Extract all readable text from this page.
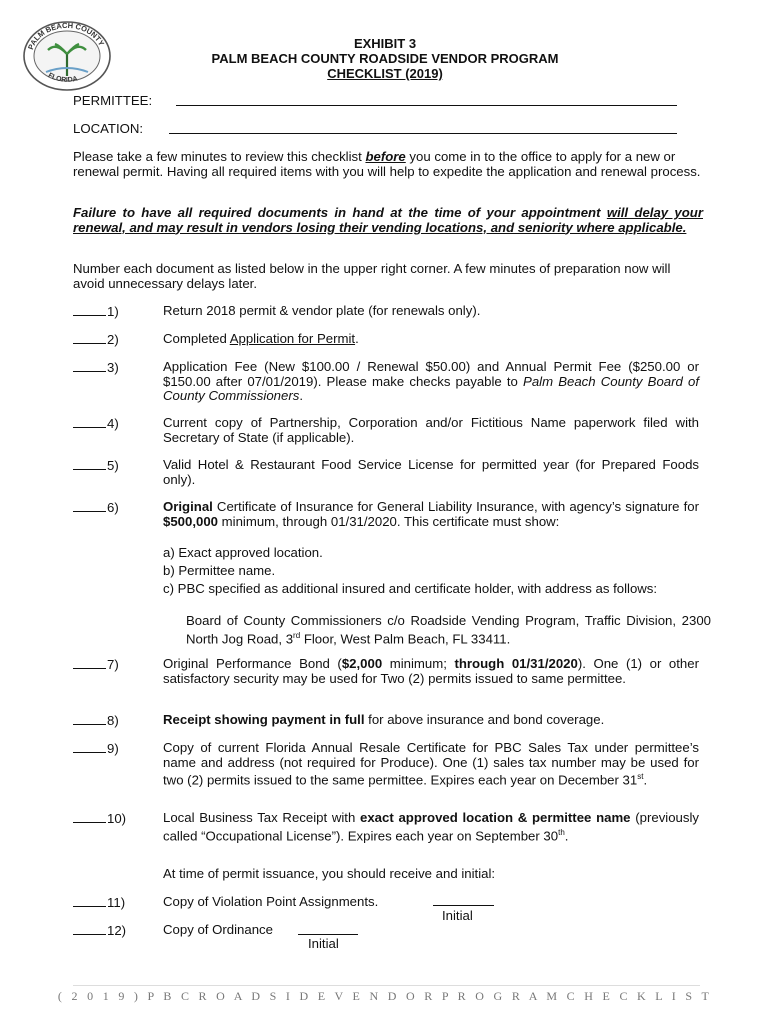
PALM BEACH COUNTY
FLORIDA
EXHIBIT 3
PALM BEACH COUNTY ROADSIDE VENDOR PROGRAM
CHECKLIST (2019)
PERMITTEE:
LOCATION:
Please take a few minutes to review this checklist before you come in to the office to apply for a new or renewal permit. Having all required items with you will help to expedite the application and renewal process.
Failure to have all required documents in hand at the time of your appointment will delay your renewal, and may result in vendors losing their vending locations, and seniority where applicable.
Number each document as listed below in the upper right corner. A few minutes of preparation now will avoid unnecessary delays later.
1)	Return 2018 permit & vendor plate (for renewals only).
2)	Completed Application for Permit.
3)	Application Fee (New $100.00 / Renewal $50.00) and Annual Permit Fee ($250.00 or $150.00 after 07/01/2019). Please make checks payable to Palm Beach County Board of County Commissioners.
4)	Current copy of Partnership, Corporation and/or Fictitious Name paperwork filed with Secretary of State (if applicable).
5)	Valid Hotel & Restaurant Food Service License for permitted year (for Prepared Foods only).
6)	Original Certificate of Insurance for General Liability Insurance, with agency’s signature for $500,000 minimum, through 01/31/2020. This certificate must show:
a) Exact approved location.
b) Permittee name.
c) PBC specified as additional insured and certificate holder, with address as follows:
Board of County Commissioners c/o Roadside Vending Program, Traffic Division, 2300 North Jog Road, 3rd Floor, West Palm Beach, FL 33411.
7)	Original Performance Bond ($2,000 minimum; through 01/31/2020). One (1) or other satisfactory security may be used for Two (2) permits issued to same permittee.
8)	Receipt showing payment in full for above insurance and bond coverage.
9)	Copy of current Florida Annual Resale Certificate for PBC Sales Tax under permittee’s name and address (not required for Produce). One (1) sales tax number may be used for two (2) permits issued to the same permittee. Expires each year on December 31st.
10)	Local Business Tax Receipt with exact approved location & permittee name (previously called “Occupational License”). Expires each year on September 30th.
At time of permit issuance, you should receive and initial:
11)	Copy of Violation Point Assignments.
Initial
12)	Copy of Ordinance
Initial
( 2 0 1 9 ) P B C R O A D S I D E V E N D O R P R O G R A M C H E C K L I S T
